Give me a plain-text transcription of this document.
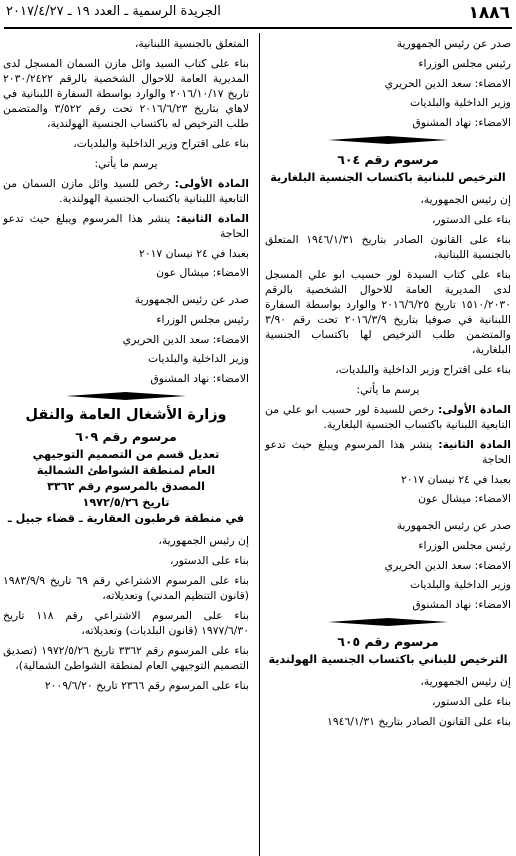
١٨٨٦
الجريدة الرسمية ـ العدد ١٩ ـ ٢٠١٧/٤/٢٧

صدر عن رئيس الجمهورية

رئيس مجلس الوزراء

الامضاء: سعد الدين الحريري

وزير الداخلية والبلديات

الامضاء: نهاد المشنوق

مرسوم رقم ٦٠٤
الترخيص للبنانية باكتساب الجنسية البلغارية

إن رئيس الجمهورية،

بناء على الدستور،

بناء على القانون الصادر بتاريخ ١٩٤٦/١/٣١ المتعلق بالجنسية اللبنانية،

بناء على كتاب السيدة لور حسيب ابو علي المسجل لدى المديرية العامة للاحوال الشخصية بالرقم ١٥١٠/٢٠٣٠ تاريخ ٢٠١٦/٦/٢٥ والوارد بواسطة السفارة اللبنانية في صوفيا بتاريخ ٢٠١٦/٣/٩ تحت رقم ٣/٩٠ والمتضمن طلب الترخيص لها باكتساب الجنسية البلغارية،

بناء على اقتراح وزير الداخلية والبلديات،

يرسم ما يأتي:

المادة الأولى: رخص للسيدة لور حسيب ابو علي من التابعية اللبنانية باكتساب الجنسية البلغارية.

المادة الثانية: ينشر هذا المرسوم ويبلغ حيث تدعو الحاجة

بعبدا في ٢٤ نيسان ٢٠١٧

الامضاء: ميشال عون

صدر عن رئيس الجمهورية

رئيس مجلس الوزراء

الامضاء: سعد الدين الحريري

وزير الداخلية والبلديات

الامضاء: نهاد المشنوق

مرسوم رقم ٦٠٥
الترخيص للبناني باكتساب الجنسية الهولندية

إن رئيس الجمهورية،

بناء على الدستور،

بناء على القانون الصادر بتاريخ ١٩٤٦/١/٣١

المتعلق بالجنسية اللبنانية،

بناء على كتاب السيد وائل مازن السمان المسجل لدى المديرية العامة للاحوال الشخصية بالرقم ٢٠٣٠/٢٤٢٢ تاريخ ٢٠١٦/١٠/١٧ والوارد بواسطة السفارة اللبنانية في لاهاي بتاريخ ٢٠١٦/٦/٢٣ تحت رقم ٣/٥٢٢ والمتضمن طلب الترخيص له باكتساب الجنسية الهولندية،

بناء على اقتراح وزير الداخلية والبلديات،

يرسم ما يأتي:

المادة الأولى: رخص للسيد وائل مازن السمان من التابعية اللبنانية باكتساب الجنسية الهولندية.

المادة الثانية: ينشر هذا المرسوم ويبلغ حيث تدعو الحاجة

بعبدا في ٢٤ نيسان ٢٠١٧

الامضاء: ميشال عون

صدر عن رئيس الجمهورية

رئيس مجلس الوزراء

الامضاء: سعد الدين الحريري

وزير الداخلية والبلديات

الامضاء: نهاد المشنوق

وزارة الأشغال العامة والنقل
مرسوم رقم ٦٠٩
تعديل قسم من التصميم التوجيهي
العام لمنطقة الشواطئ الشمالية
المصدق بالمرسوم رقم ٣٣٦٢
تاريخ ١٩٧٢/٥/٢٦
في منطقة قرطبون العقارية ـ قضاء جبيل ـ

إن رئيس الجمهورية،

بناء على الدستور،

بناء على المرسوم الاشتراعي رقم ٦٩ تاريخ ١٩٨٣/٩/٩ (قانون التنظيم المدني) وتعديلاته،

بناء على المرسوم الاشتراعي رقم ١١٨ تاريخ ١٩٧٧/٦/٣٠ (قانون البلديات) وتعديلاته،

بناء على المرسوم رقم ٣٣٦٢ تاريخ ١٩٧٢/٥/٢٦ (تصديق التصميم التوجيهي العام لمنطقة الشواطئ الشمالية)،

بناء على المرسوم رقم ٢٣٦٦ تاريخ ٢٠٠٩/٦/٢٠
